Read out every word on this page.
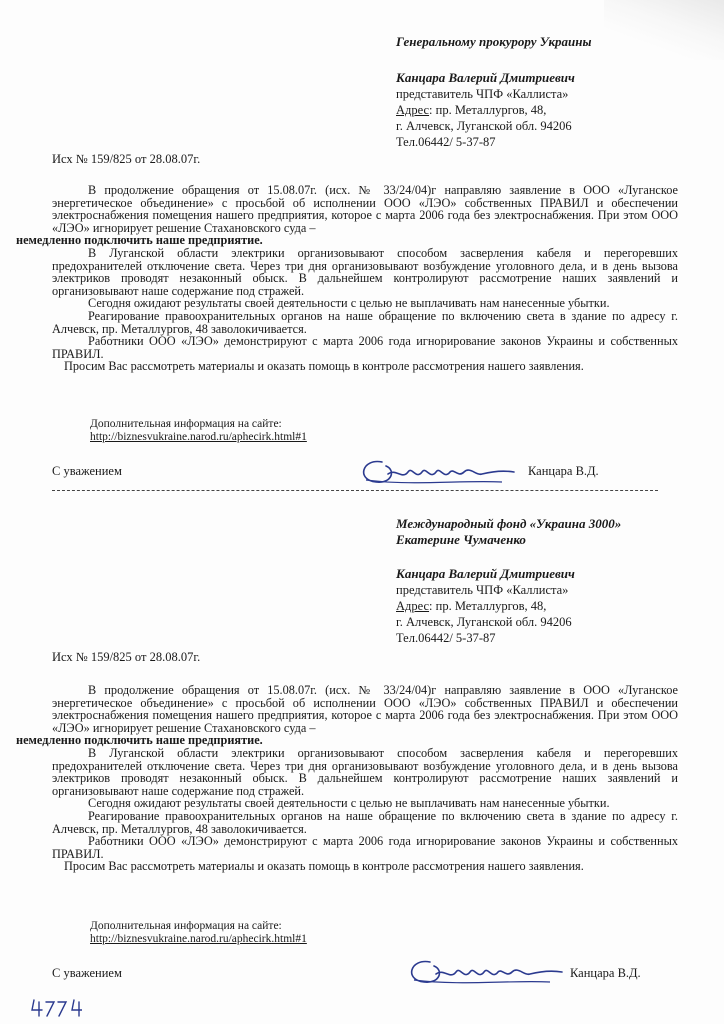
Генеральному прокурору Украины
Канцара Валерий Дмитриевич
представитель ЧПФ «Каллиста»
Адрес: пр. Металлургов, 48,
г. Алчевск, Луганской обл. 94206
Тел.06442/ 5-37-87
Исх № 159/825 от 28.08.07г.

В продолжение обращения от 15.08.07г. (исх. № 33/24/04)г направляю заявление в ООО «Луганское энергетическое объединение» с просьбой об исполнении ООО «ЛЭО» собственных ПРАВИЛ и обеспечении электроснабжения помещения нашего предприятия, которое с марта 2006 года без электроснабжения. При этом ООО «ЛЭО» игнорирует решение Стахановского суда –
немедленно подключить наше предприятие.

В Луганской области электрики организовывают способом засверления кабеля и перегоревших предохранителей отключение света. Через три дня организовывают возбуждение уголовного дела, и в день вызова электриков проводят незаконный обыск. В дальнейшем контролируют рассмотрение наших заявлений и организовывают наше содержание под стражей.

Сегодня ожидают результаты своей деятельности с целью не выплачивать нам нанесенные убытки.

Реагирование правоохранительных органов на наше обращение по включению света в здание по адресу г. Алчевск, пр. Металлургов, 48 заволокичивается.

Работники ООО «ЛЭО» демонстрируют с марта 2006 года игнорирование законов Украины и собственных ПРАВИЛ.

Просим Вас рассмотреть материалы и оказать помощь в контроле рассмотрения нашего заявления.

Дополнительная информация на сайте:
http://biznesvukraine.narod.ru/aphecirk.html#1
С уважением	Канцара В.Д.
Международный фонд «Украина 3000»
Екатерине Чумаченко
Канцара Валерий Дмитриевич
представитель ЧПФ «Каллиста»
Адрес: пр. Металлургов, 48,
г. Алчевск, Луганской обл. 94206
Тел.06442/ 5-37-87
Исх № 159/825 от 28.08.07г.

В продолжение обращения от 15.08.07г. (исх. № 33/24/04)г направляю заявление в ООО «Луганское энергетическое объединение» с просьбой об исполнении ООО «ЛЭО» собственных ПРАВИЛ и обеспечении электроснабжения помещения нашего предприятия, которое с марта 2006 года без электроснабжения. При этом ООО «ЛЭО» игнорирует решение Стахановского суда –
немедленно подключить наше предприятие.

В Луганской области электрики организовывают способом засверления кабеля и перегоревших предохранителей отключение света. Через три дня организовывают возбуждение уголовного дела, и в день вызова электриков проводят незаконный обыск. В дальнейшем контролируют рассмотрение наших заявлений и организовывают наше содержание под стражей.

Сегодня ожидают результаты своей деятельности с целью не выплачивать нам нанесенные убытки.

Реагирование правоохранительных органов на наше обращение по включению света в здание по адресу г. Алчевск, пр. Металлургов, 48 заволокичивается.

Работники ООО «ЛЭО» демонстрируют с марта 2006 года игнорирование законов Украины и собственных ПРАВИЛ.

Просим Вас рассмотреть материалы и оказать помощь в контроле рассмотрения нашего заявления.

Дополнительная информация на сайте:
http://biznesvukraine.narod.ru/aphecirk.html#1
С уважением	Канцара В.Д.
